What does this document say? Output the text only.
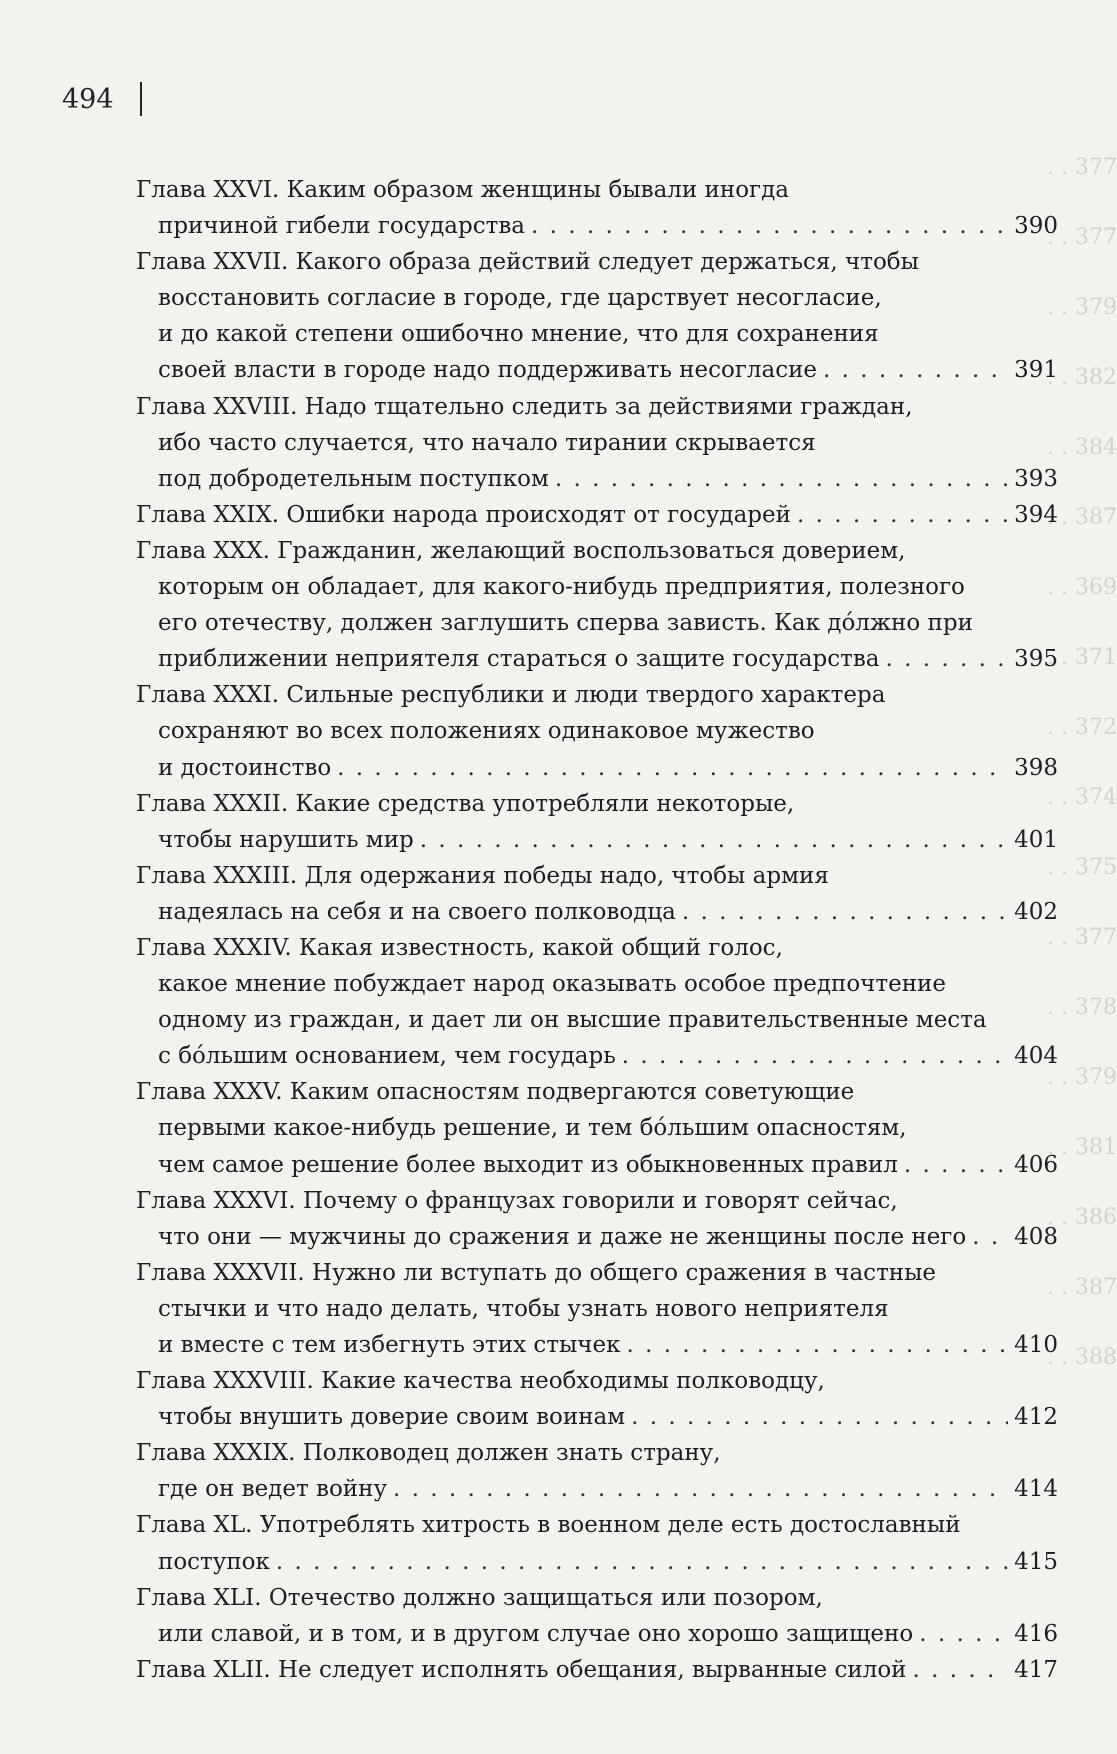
. . 377
. . 377
. . 379
. . 382
. . 384
. . 387
. . 369
. . 371
. . 372
. . 374
. . 375
. . 377
. . 378
. . 379
. . 381
. . 386
. . 387
. . 388
494
Глава XXVI. Каким образом женщины бывали иногда
причиной гибели государства . . .	390
Глава XXVII. Какого образа действий следует держаться, чтобы
восстановить согласие в городе, где царствует несогласие,
и до какой степени ошибочно мнение, что для сохранения
своей власти в городе надо поддерживать несогласие . . .	391
Глава XXVIII. Надо тщательно следить за действиями граждан,
ибо часто случается, что начало тирании скрывается
под добродетельным поступком . . .	393
Глава XXIX. Ошибки народа происходят от государей . . .	394
Глава XXX. Гражданин, желающий воспользоваться доверием,
которым он обладает, для какого-нибудь предприятия, полезного
его отечеству, должен заглушить сперва зависть. Как до́лжно при
приближении неприятеля стараться о защите государства . . .	395
Глава XXXI. Сильные республики и люди твердого характера
сохраняют во всех положениях одинаковое мужество
и достоинство . . .	398
Глава XXXII. Какие средства употребляли некоторые,
чтобы нарушить мир . . .	401
Глава XXXIII. Для одержания победы надо, чтобы армия
надеялась на себя и на своего полководца . . .	402
Глава XXXIV. Какая известность, какой общий голос,
какое мнение побуждает народ оказывать особое предпочтение
одному из граждан, и дает ли он высшие правительственные места
с бо́льшим основанием, чем государь . . .	404
Глава XXXV. Каким опасностям подвергаются советующие
первыми какое-нибудь решение, и тем бо́льшим опасностям,
чем самое решение более выходит из обыкновенных правил . . .	406
Глава XXXVI. Почему о французах говорили и говорят сейчас,
что они — мужчины до сражения и даже не женщины после него . . . 408
Глава XXXVII. Нужно ли вступать до общего сражения в частные
стычки и что надо делать, чтобы узнать нового неприятеля
и вместе с тем избегнуть этих стычек . . .	410
Глава XXXVIII. Какие качества необходимы полководцу,
чтобы внушить доверие своим воинам . . .	412
Глава XXXIX. Полководец должен знать страну,
где он ведет войну . . .	414
Глава XL. Употреблять хитрость в военном деле есть достославный
поступок . . .	415
Глава XLI. Отечество должно защищаться или позором,
или славой, и в том, и в другом случае оно хорошо защищено . . .	416
Глава XLII. Не следует исполнять обещания, вырванные силой . . .	417
